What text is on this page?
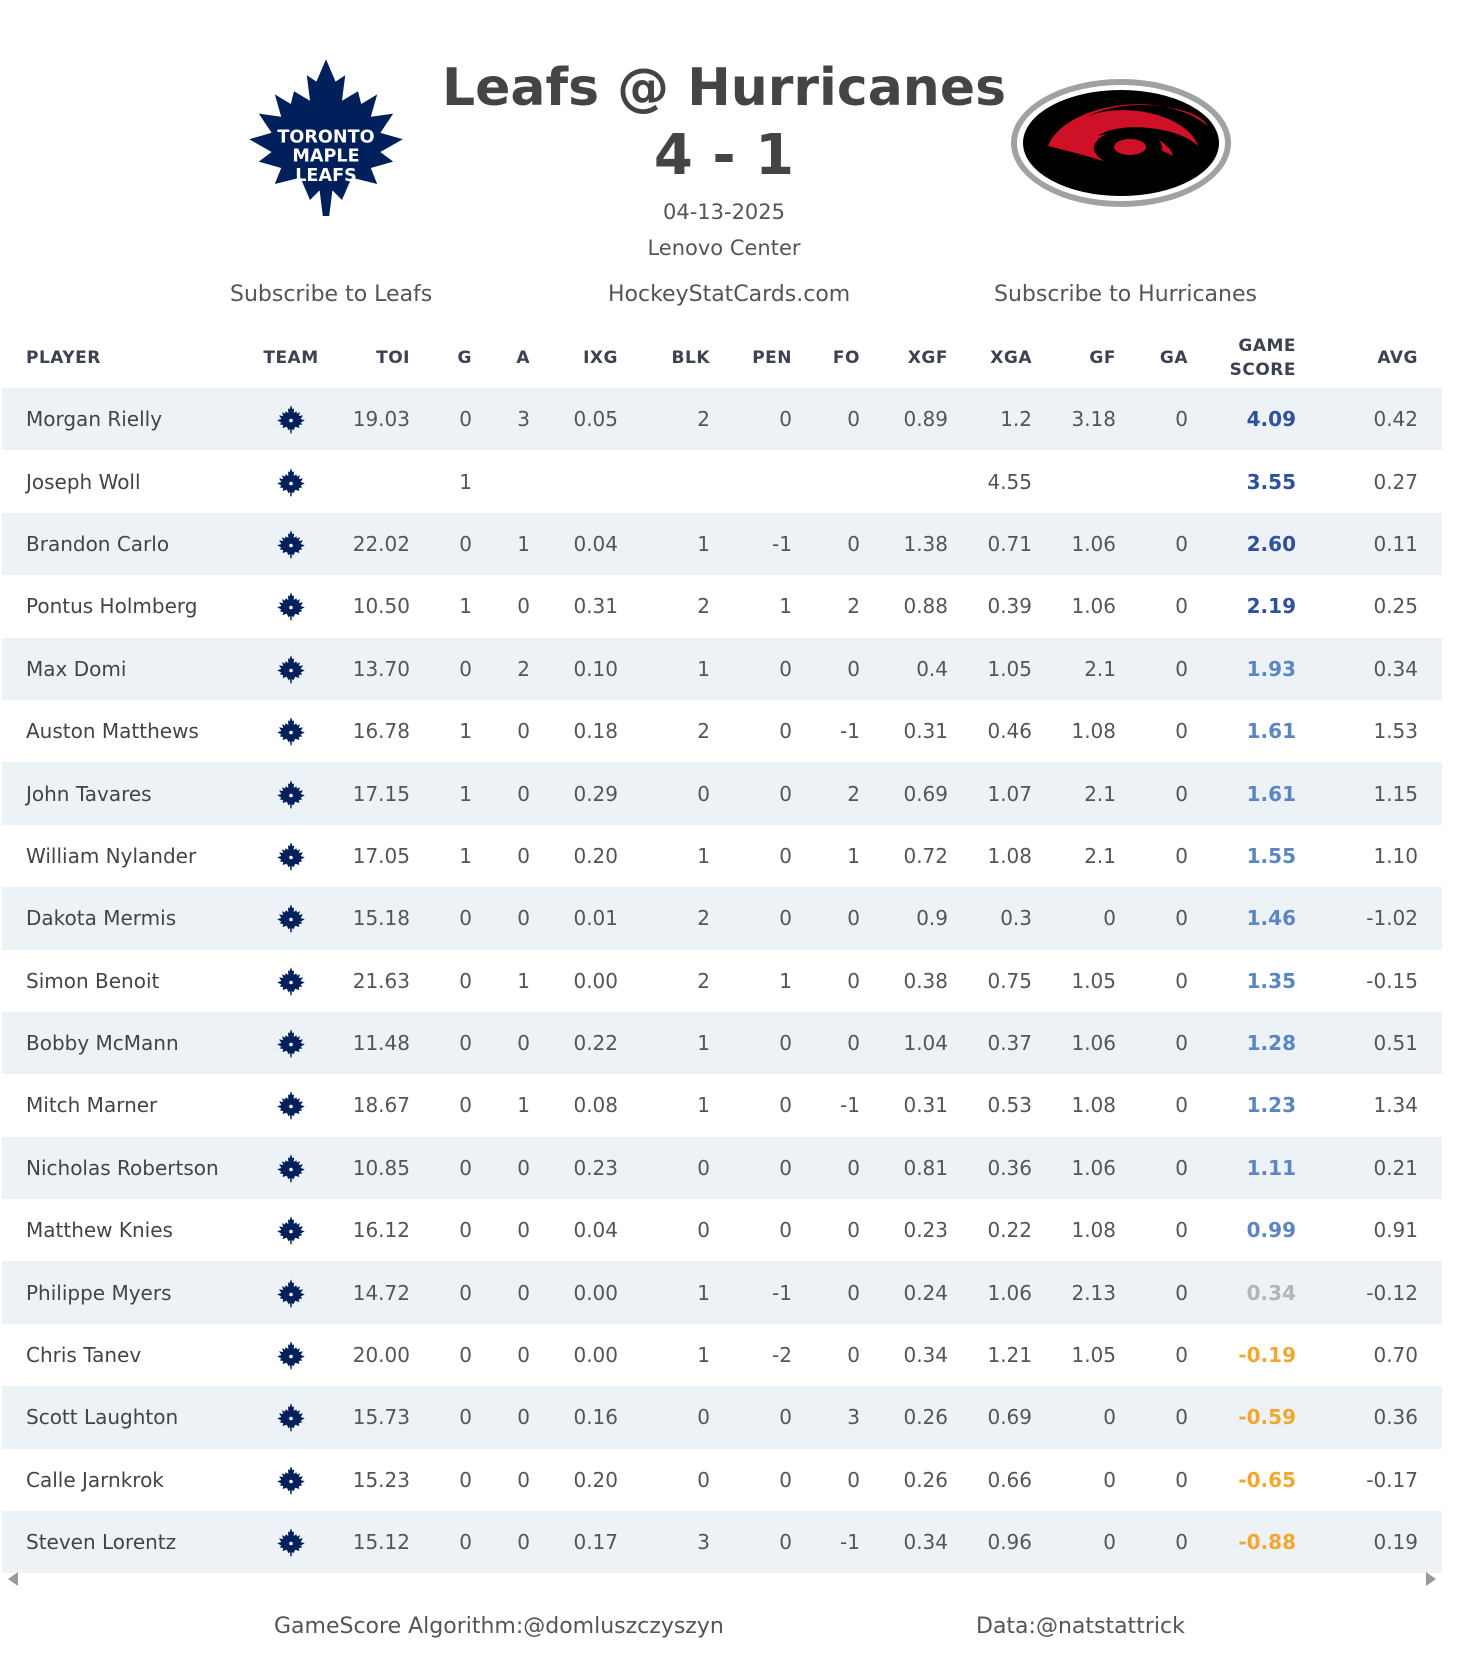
TORONTO
MAPLE
LEAFS
Leafs @ Hurricanes
4 - 1
04-13-2025
Lenovo Center
Subscribe to Leafs	HockeyStatCards.com	Subscribe to Hurricanes
PLAYER	TEAM	TOI	G	A	IXG	BLK	PEN	FO	XGF	XGA	GF	GA	GAME SCORE	AVG
Morgan Rielly		19.03	0	3	0.05	2	0	0	0.89	1.2	3.18	0	4.09	0.42
Joseph Woll			1							4.55			3.55	0.27
Brandon Carlo		22.02	0	1	0.04	1	-1	0	1.38	0.71	1.06	0	2.60	0.11
Pontus Holmberg		10.50	1	0	0.31	2	1	2	0.88	0.39	1.06	0	2.19	0.25
Max Domi		13.70	0	2	0.10	1	0	0	0.4	1.05	2.1	0	1.93	0.34
Auston Matthews		16.78	1	0	0.18	2	0	-1	0.31	0.46	1.08	0	1.61	1.53
John Tavares		17.15	1	0	0.29	0	0	2	0.69	1.07	2.1	0	1.61	1.15
William Nylander		17.05	1	0	0.20	1	0	1	0.72	1.08	2.1	0	1.55	1.10
Dakota Mermis		15.18	0	0	0.01	2	0	0	0.9	0.3	0	0	1.46	-1.02
Simon Benoit		21.63	0	1	0.00	2	1	0	0.38	0.75	1.05	0	1.35	-0.15
Bobby McMann		11.48	0	0	0.22	1	0	0	1.04	0.37	1.06	0	1.28	0.51
Mitch Marner		18.67	0	1	0.08	1	0	-1	0.31	0.53	1.08	0	1.23	1.34
Nicholas Robertson		10.85	0	0	0.23	0	0	0	0.81	0.36	1.06	0	1.11	0.21
Matthew Knies		16.12	0	0	0.04	0	0	0	0.23	0.22	1.08	0	0.99	0.91
Philippe Myers		14.72	0	0	0.00	1	-1	0	0.24	1.06	2.13	0	0.34	-0.12
Chris Tanev		20.00	0	0	0.00	1	-2	0	0.34	1.21	1.05	0	-0.19	0.70
Scott Laughton		15.73	0	0	0.16	0	0	3	0.26	0.69	0	0	-0.59	0.36
Calle Jarnkrok		15.23	0	0	0.20	0	0	0	0.26	0.66	0	0	-0.65	-0.17
Steven Lorentz		15.12	0	0	0.17	3	0	-1	0.34	0.96	0	0	-0.88	0.19
GameScore Algorithm:@domluszczyszyn	Data:@natstattrick
